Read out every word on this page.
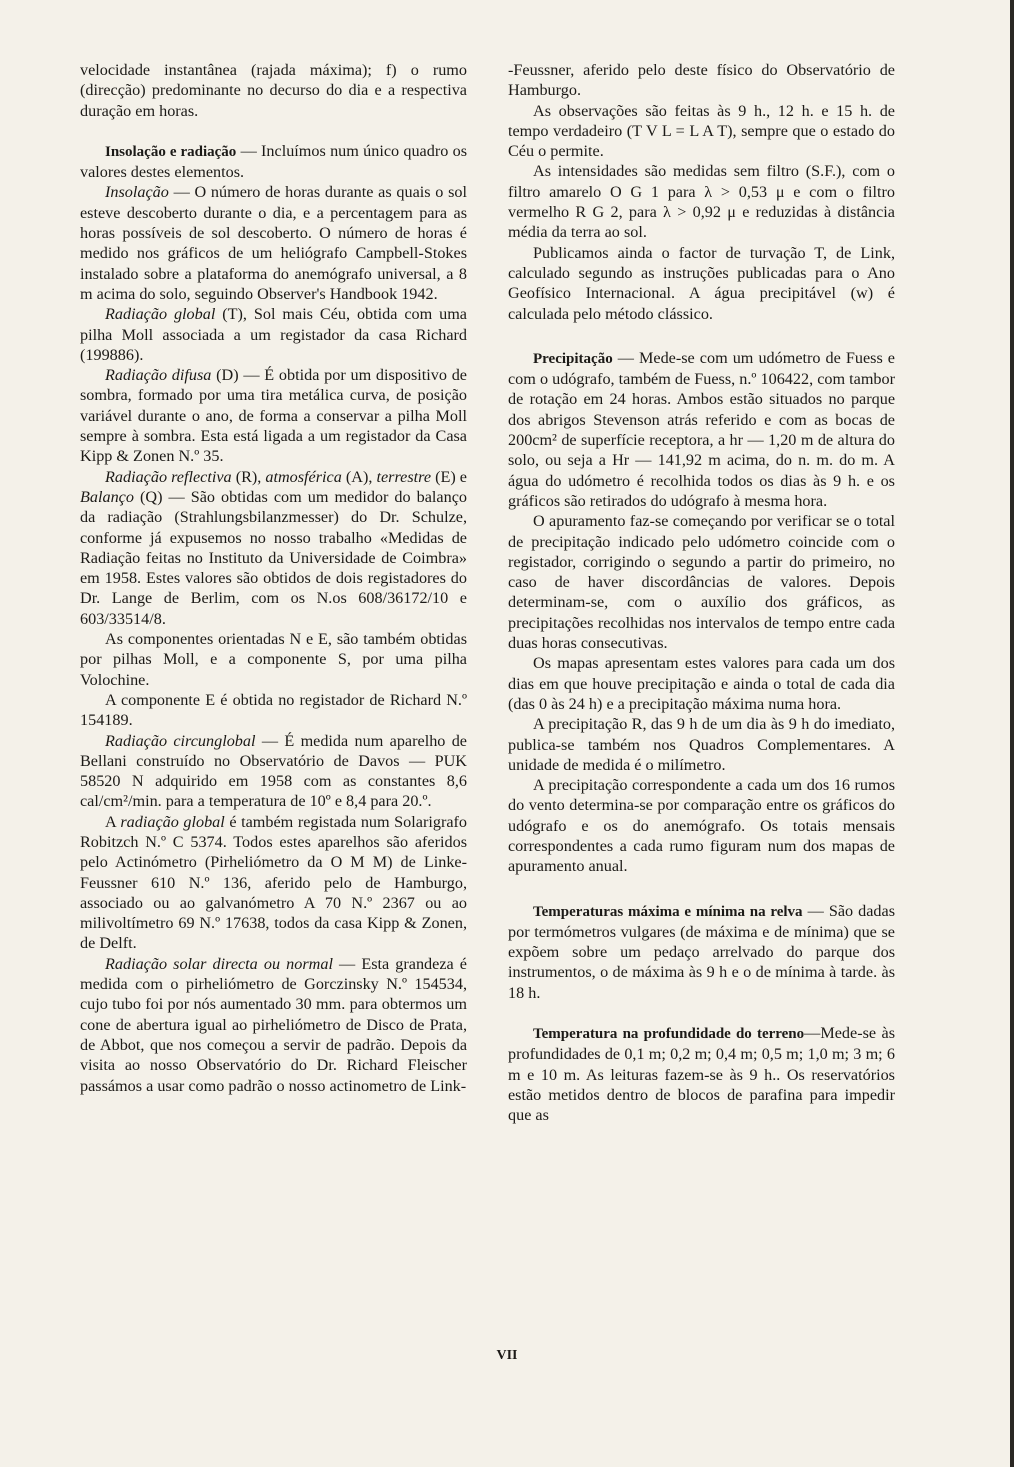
velocidade instantânea (rajada máxima); f) o rumo (direcção) predominante no decurso do dia e a respectiva duração em horas.

Insolação e radiação — Incluímos num único quadro os valores destes elementos.

Insolação — O número de horas durante as quais o sol esteve descoberto durante o dia, e a percentagem para as horas possíveis de sol descoberto. O número de horas é medido nos gráficos de um heliógrafo Campbell-Stokes instalado sobre a plataforma do anemógrafo universal, a 8 m acima do solo, seguindo Observer's Handbook 1942.

Radiação global (T), Sol mais Céu, obtida com uma pilha Moll associada a um registador da casa Richard (199886).

Radiação difusa (D) — É obtida por um dispositivo de sombra, formado por uma tira metálica curva, de posição variável durante o ano, de forma a conservar a pilha Moll sempre à sombra. Esta está ligada a um registador da Casa Kipp & Zonen N.º 35.

Radiação reflectiva (R), atmosférica (A), terrestre (E) e Balanço (Q) — São obtidas com um medidor do balanço da radiação (Strahlungsbilanzmesser) do Dr. Schulze, conforme já expusemos no nosso trabalho «Medidas de Radiação feitas no Instituto da Universidade de Coimbra» em 1958. Estes valores são obtidos de dois registadores do Dr. Lange de Berlim, com os N.os 608/36172/10 e 603/33514/8.

As componentes orientadas N e E, são também obtidas por pilhas Moll, e a componente S, por uma pilha Volochine.

A componente E é obtida no registador de Richard N.º 154189.

Radiação circunglobal — É medida num aparelho de Bellani construído no Observatório de Davos — PUK 58520 N adquirido em 1958 com as constantes 8,6 cal/cm²/min. para a temperatura de 10º e 8,4 para 20.º.

A radiação global é também registada num Solarigrafo Robitzch N.º C 5374. Todos estes aparelhos são aferidos pelo Actinómetro (Pirheliómetro da O M M) de Linke-Feussner 610 N.º 136, aferido pelo de Hamburgo, associado ou ao galvanómetro A 70 N.º 2367 ou ao milivoltímetro 69 N.º 17638, todos da casa Kipp & Zonen, de Delft.

Radiação solar directa ou normal — Esta grandeza é medida com o pirheliómetro de Gorczinsky N.º 154534, cujo tubo foi por nós aumentado 30 mm. para obtermos um cone de abertura igual ao pirheliómetro de Disco de Prata, de Abbot, que nos começou a servir de padrão. Depois da visita ao nosso Observatório do Dr. Richard Fleischer passámos a usar como padrão o nosso actinometro de Link-

-Feussner, aferido pelo deste físico do Observatório de Hamburgo.

As observações são feitas às 9 h., 12 h. e 15 h. de tempo verdadeiro (T V L = L A T), sempre que o estado do Céu o permite.

As intensidades são medidas sem filtro (S.F.), com o filtro amarelo O G 1 para λ > 0,53 μ e com o filtro vermelho R G 2, para λ > 0,92 μ e reduzidas à distância média da terra ao sol.

Publicamos ainda o factor de turvação T, de Link, calculado segundo as instruções publicadas para o Ano Geofísico Internacional. A água precipitável (w) é calculada pelo método clássico.

Precipitação — Mede-se com um udómetro de Fuess e com o udógrafo, também de Fuess, n.º 106422, com tambor de rotação em 24 horas. Ambos estão situados no parque dos abrigos Stevenson atrás referido e com as bocas de 200cm² de superfície receptora, a hr — 1,20 m de altura do solo, ou seja a Hr — 141,92 m acima, do n. m. do m. A água do udómetro é recolhida todos os dias às 9 h. e os gráficos são retirados do udógrafo à mesma hora.

O apuramento faz-se começando por verificar se o total de precipitação indicado pelo udómetro coincide com o registador, corrigindo o segundo a partir do primeiro, no caso de haver discordâncias de valores. Depois determinam-se, com o auxílio dos gráficos, as precipitações recolhidas nos intervalos de tempo entre cada duas horas consecutivas.

Os mapas apresentam estes valores para cada um dos dias em que houve precipitação e ainda o total de cada dia (das 0 às 24 h) e a precipitação máxima numa hora.

A precipitação R, das 9 h de um dia às 9 h do imediato, publica-se também nos Quadros Complementares. A unidade de medida é o milímetro.

A precipitação correspondente a cada um dos 16 rumos do vento determina-se por comparação entre os gráficos do udógrafo e os do anemógrafo. Os totais mensais correspondentes a cada rumo figuram num dos mapas de apuramento anual.

Temperaturas máxima e mínima na relva — São dadas por termómetros vulgares (de máxima e de mínima) que se expõem sobre um pedaço arrelvado do parque dos instrumentos, o de máxima às 9 h e o de mínima à tarde. às 18 h.

Temperatura na profundidade do terreno—Mede-se às profundidades de 0,1 m; 0,2 m; 0,4 m; 0,5 m; 1,0 m; 3 m; 6 m e 10 m. As leituras fazem-se às 9 h.. Os reservatórios estão metidos dentro de blocos de parafina para impedir que as

VII
